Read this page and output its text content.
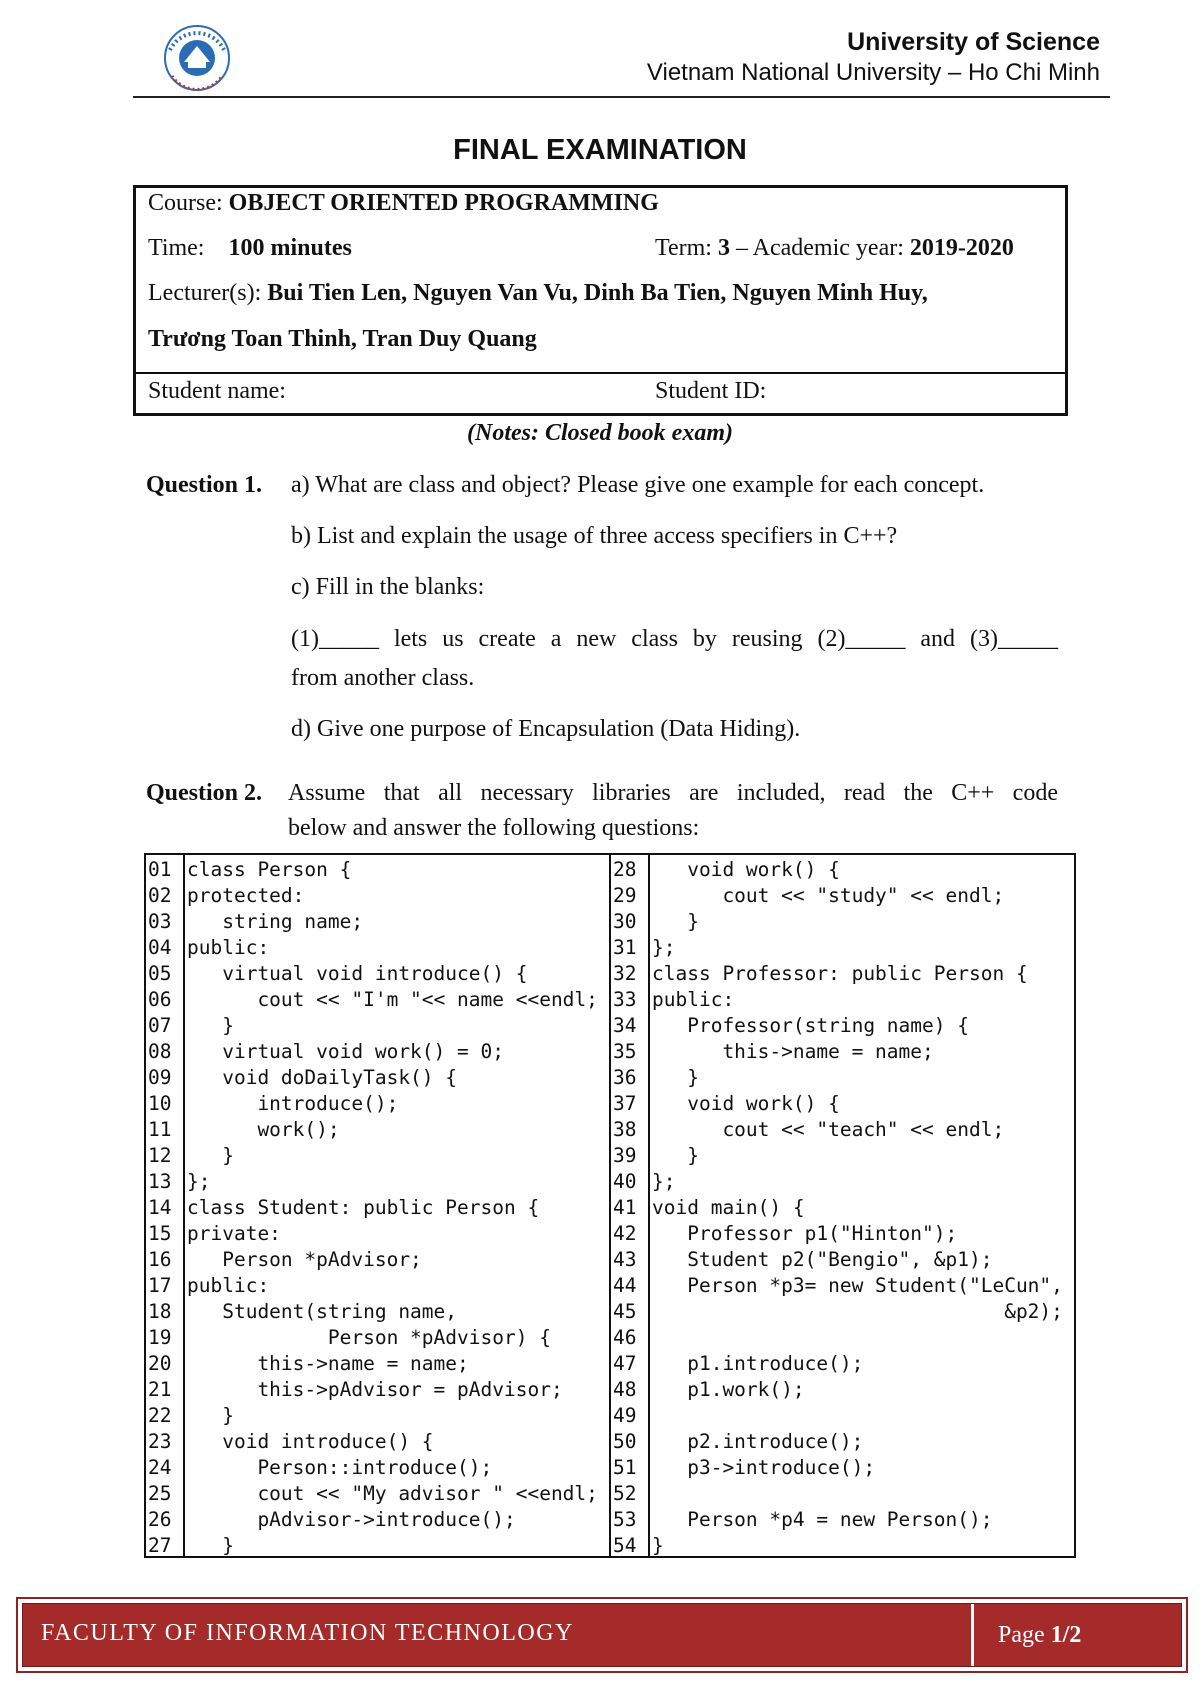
University of Science
Vietnam National University – Ho Chi Minh
FINAL EXAMINATION
Course: OBJECT ORIENTED PROGRAMMING
Time: 100 minutes	Term: 3 – Academic year: 2019-2020
Lecturer(s): Bui Tien Len, Nguyen Van Vu, Dinh Ba Tien, Nguyen Minh Huy,
Trương Toan Thinh, Tran Duy Quang
Student name:	Student ID:
(Notes: Closed book exam)
Question 1. a) What are class and object? Please give one example for each concept.
b) List and explain the usage of three access specifiers in C++?
c) Fill in the blanks:
(1)_____ lets us create a new class by reusing (2)_____ and (3)_____
from another class.
d) Give one purpose of Encapsulation (Data Hiding).
Question 2. Assume that all necessary libraries are included, read the C++ code
below and answer the following questions:
01 class Person {
02 protected:
03 string name;
04 public:
05 virtual void introduce() {
06 cout << "I'm "<< name <<endl;
07 }
08 virtual void work() = 0;
09 void doDailyTask() {
10 introduce();
11 work();
12 }
13 };
14 class Student: public Person {
15 private:
16 Person *pAdvisor;
17 public:
18 Student(string name,
19 Person *pAdvisor) {
20 this->name = name;
21 this->pAdvisor = pAdvisor;
22 }
23 void introduce() {
24 Person::introduce();
25 cout << "My advisor " <<endl;
26 pAdvisor->introduce();
27 }
28 void work() {
29 cout << "study" << endl;
30 }
31 };
32 class Professor: public Person {
33 public:
34 Professor(string name) {
35 this->name = name;
36 }
37 void work() {
38 cout << "teach" << endl;
39 }
40 };
41 void main() {
42 Professor p1("Hinton");
43 Student p2("Bengio", &p1);
44 Person *p3= new Student("LeCun",
45 &p2);
46
47 p1.introduce();
48 p1.work();
49
50 p2.introduce();
51 p3->introduce();
52
53 Person *p4 = new Person();
54 }
FACULTY OF INFORMATION TECHNOLOGY	Page 1/2
